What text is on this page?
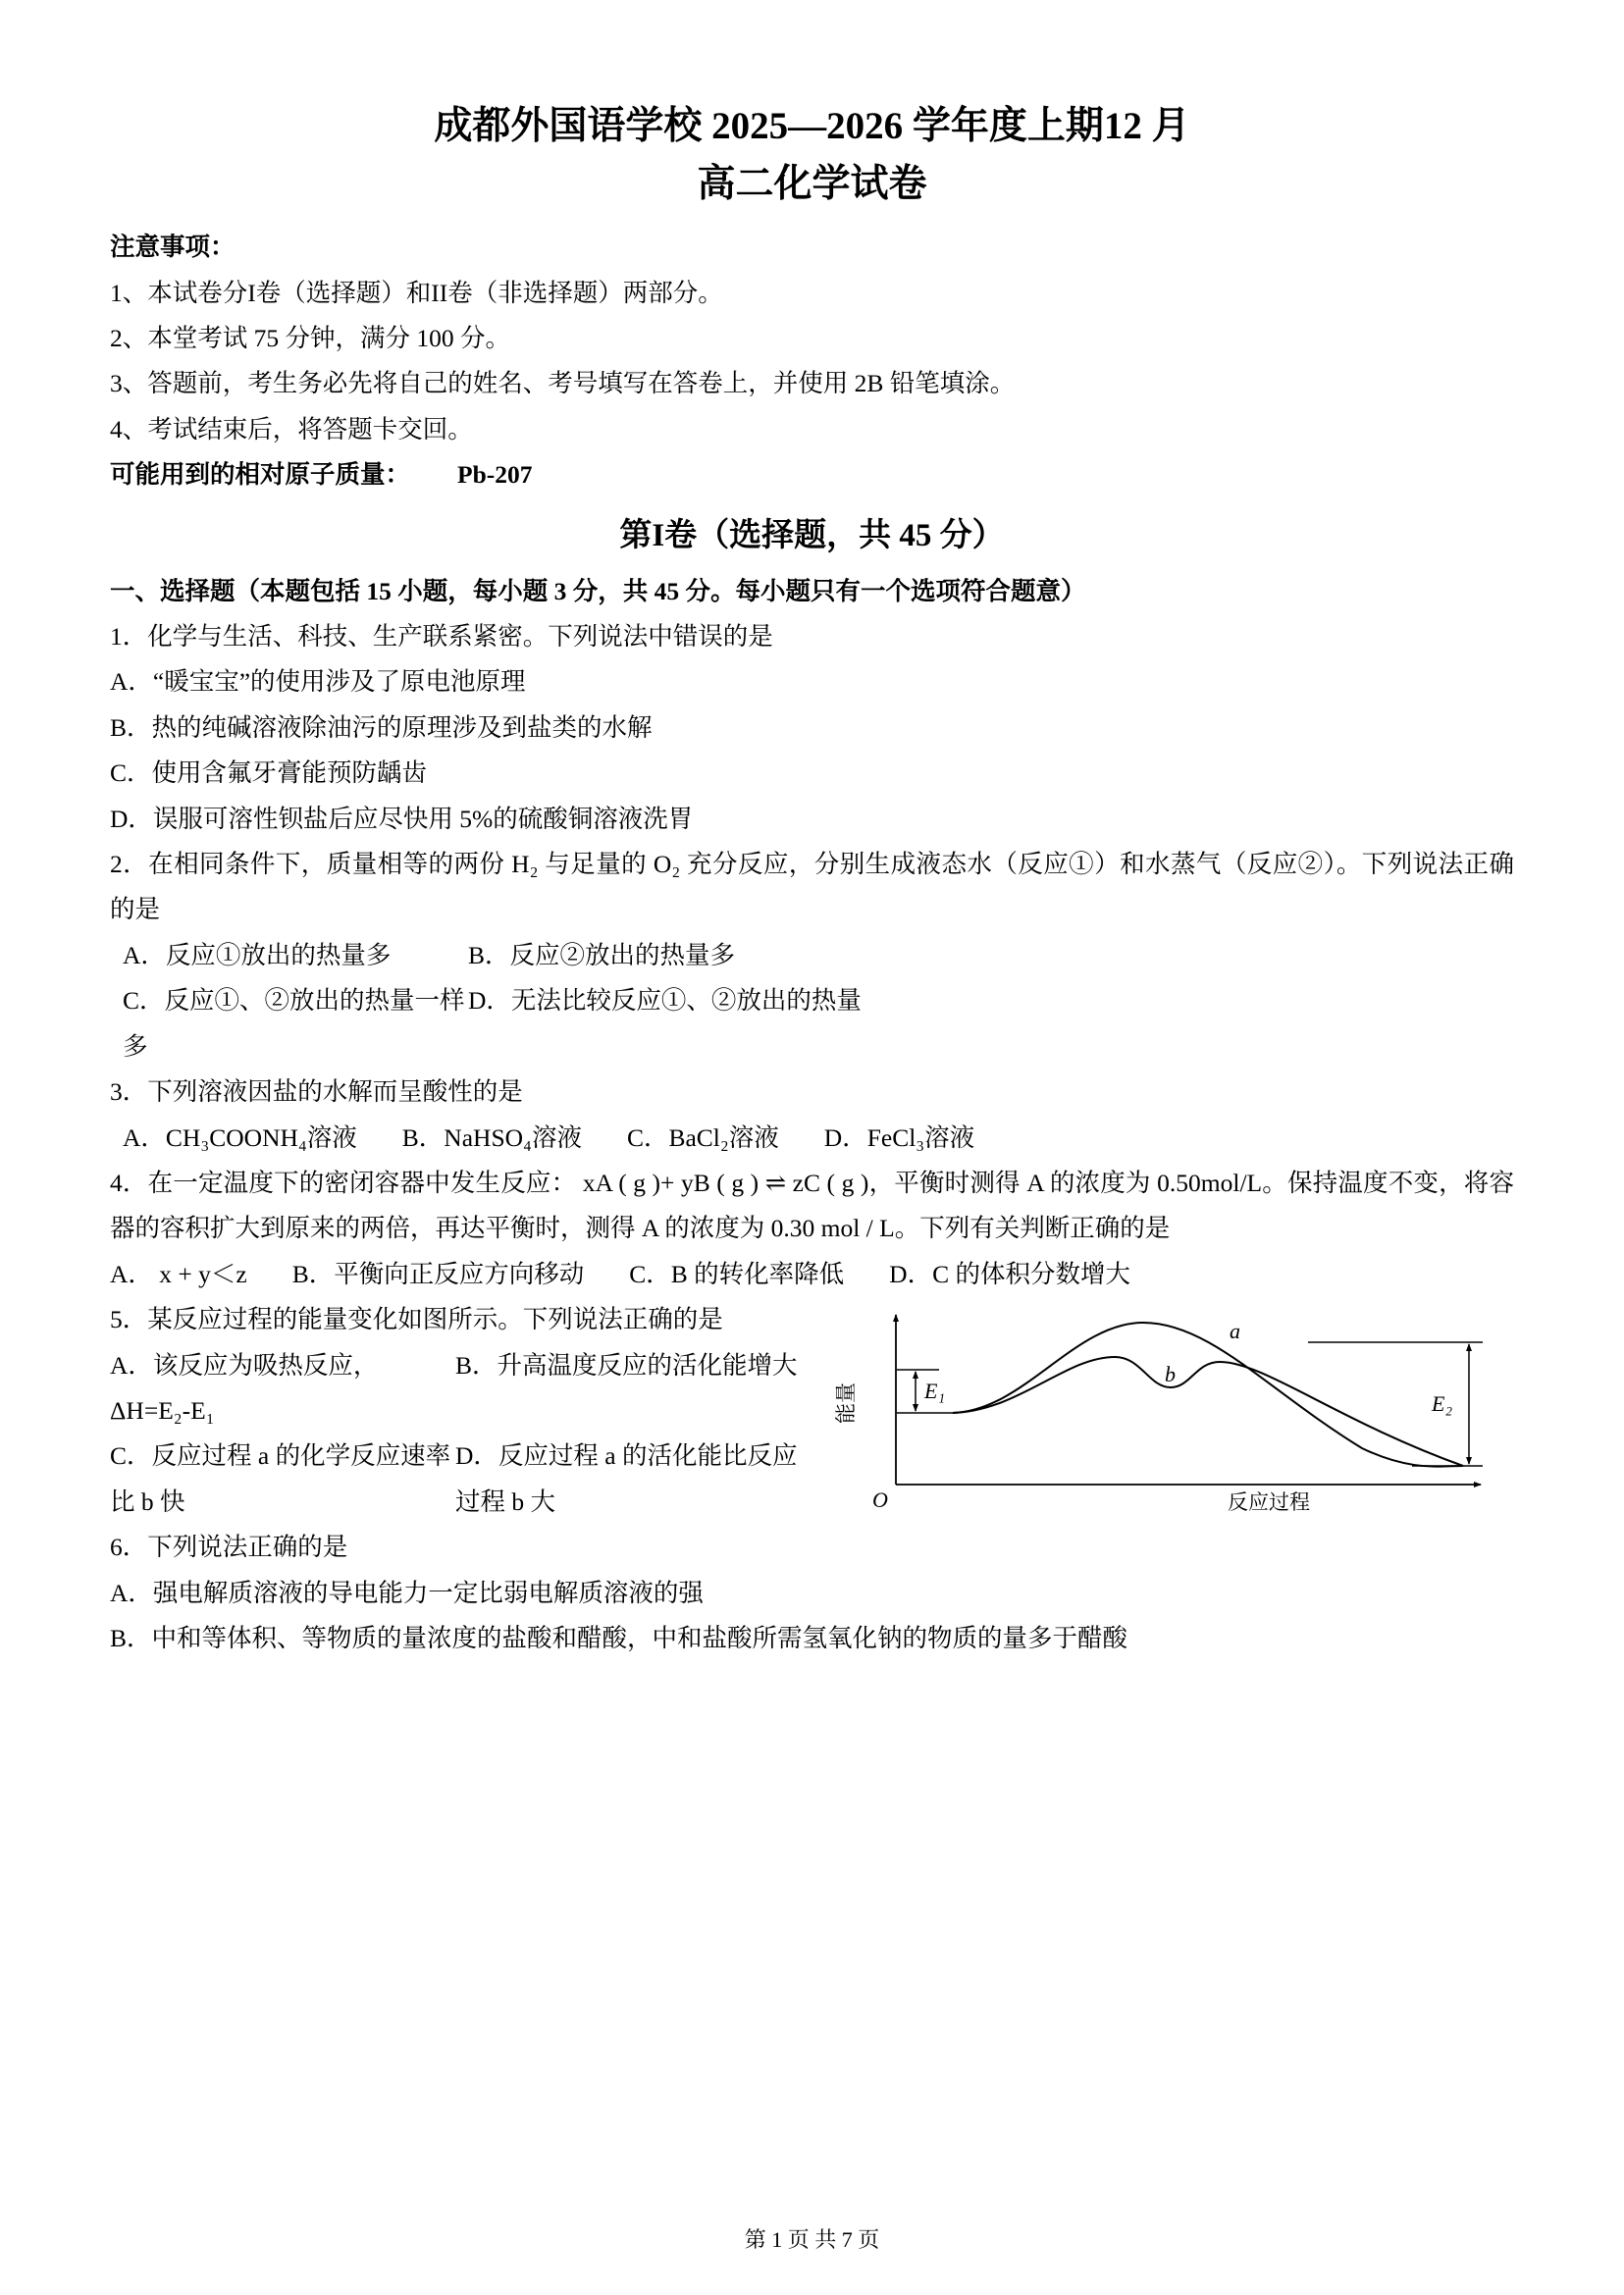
成都外国语学校 2025—2026 学年度上期12 月
高二化学试卷

注意事项：

1、本试卷分I卷（选择题）和II卷（非选择题）两部分。

2、本堂考试 75 分钟，满分 100 分。

3、答题前，考生务必先将自己的姓名、考号填写在答卷上，并使用 2B 铅笔填涂。

4、考试结束后，将答题卡交回。

可能用到的相对原子质量： Pb-207

第I卷（选择题，共 45 分）

一、选择题（本题包括 15 小题，每小题 3 分，共 45 分。每小题只有一个选项符合题意）

1．化学与生活、科技、生产联系紧密。下列说法中错误的是

A．“暖宝宝”的使用涉及了原电池原理

B．热的纯碱溶液除油污的原理涉及到盐类的水解

C．使用含氟牙膏能预防龋齿

D．误服可溶性钡盐后应尽快用 5%的硫酸铜溶液洗胃

2．在相同条件下，质量相等的两份 H₂ 与足量的 O₂ 充分反应，分别生成液态水（反应①）和水蒸气（反应②）。下列说法正确的是

A．反应①放出的热量多	B．反应②放出的热量多
C．反应①、②放出的热量一样多
D．无法比较反应①、②放出的热量

3．下列溶液因盐的水解而呈酸性的是

A．CH₃COONH₄溶液 B．NaHSO₄溶液 C．BaCl₂溶液 D．FeCl₃溶液

4．在一定温度下的密闭容器中发生反应： xA ( g )+ yB ( g ) ⇌ zC ( g )，平衡时测得 A 的浓度为 0.50mol/L。保持温度不变，将容器的容积扩大到原来的两倍，再达平衡时，测得 A 的浓度为 0.30 mol / L。下列有关判断正确的是

A． x + y＜z B．平衡向正反应方向移动 C．B 的转化率降低 D．C 的体积分数增大
E₁
a
b
E₂
O	反应过程
能量

5．某反应过程的能量变化如图所示。下列说法正确的是

A．该反应为吸热反应，ΔH=E₂-E₁
B．升高温度反应的活化能增大
C．反应过程 a 的化学反应速率比 b 快
D．反应过程 a 的活化能比反应过程 b 大

6．下列说法正确的是

A．强电解质溶液的导电能力一定比弱电解质溶液的强

B．中和等体积、等物质的量浓度的盐酸和醋酸，中和盐酸所需氢氧化钠的物质的量多于醋酸

第 1 页 共 7 页
